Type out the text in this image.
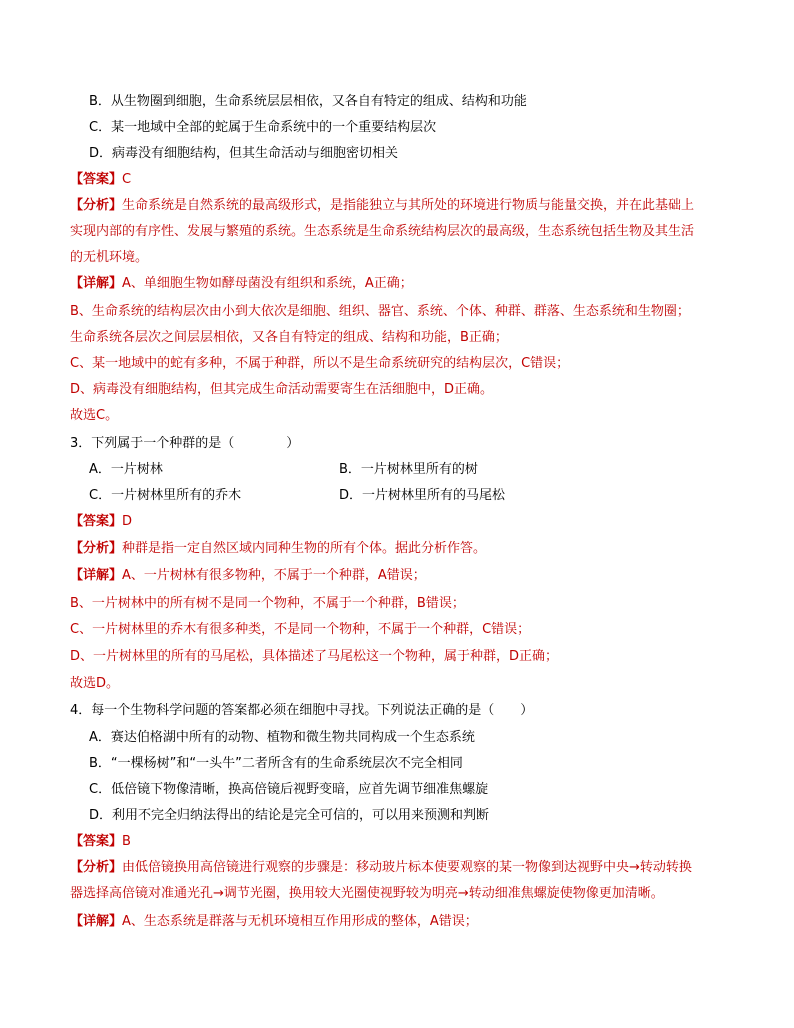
B．从生物圈到细胞，生命系统层层相依，又各自有特定的组成、结构和功能
C．某一地域中全部的蛇属于生命系统中的一个重要结构层次
D．病毒没有细胞结构，但其生命活动与细胞密切相关
【答案】C
【分析】生命系统是自然系统的最高级形式，是指能独立与其所处的环境进行物质与能量交换，并在此基础上
实现内部的有序性、发展与繁殖的系统。生态系统是生命系统结构层次的最高级，生态系统包括生物及其生活
的无机环境。
【详解】A、单细胞生物如酵母菌没有组织和系统，A正确；
B、生命系统的结构层次由小到大依次是细胞、组织、器官、系统、个体、种群、群落、生态系统和生物圈；
生命系统各层次之间层层相依，又各自有特定的组成、结构和功能，B正确；
C、某一地域中的蛇有多种，不属于种群，所以不是生命系统研究的结构层次，C错误；
D、病毒没有细胞结构，但其完成生命活动需要寄生在活细胞中，D正确。
故选C。
3．下列属于一个种群的是（　　　　）
A．一片树林	B．一片树林里所有的树
C．一片树林里所有的乔木	D．一片树林里所有的马尾松
【答案】D
【分析】种群是指一定自然区域内同种生物的所有个体。据此分析作答。
【详解】A、一片树林有很多物种，不属于一个种群，A错误；
B、一片树林中的所有树不是同一个物种，不属于一个种群，B错误；
C、一片树林里的乔木有很多种类，不是同一个物种，不属于一个种群，C错误；
D、一片树林里的所有的马尾松，具体描述了马尾松这一个物种，属于种群，D正确；
故选D。
4．每一个生物科学问题的答案都必须在细胞中寻找。下列说法正确的是（　　）
A．赛达伯格湖中所有的动物、植物和微生物共同构成一个生态系统
B．“一棵杨树”和“一头牛”二者所含有的生命系统层次不完全相同
C．低倍镜下物像清晰，换高倍镜后视野变暗，应首先调节细准焦螺旋
D．利用不完全归纳法得出的结论是完全可信的，可以用来预测和判断
【答案】B
【分析】由低倍镜换用高倍镜进行观察的步骤是：移动玻片标本使要观察的某一物像到达视野中央→转动转换
器选择高倍镜对准通光孔→调节光圈，换用较大光圈使视野较为明亮→转动细准焦螺旋使物像更加清晰。
【详解】A、生态系统是群落与无机环境相互作用形成的整体，A错误；
